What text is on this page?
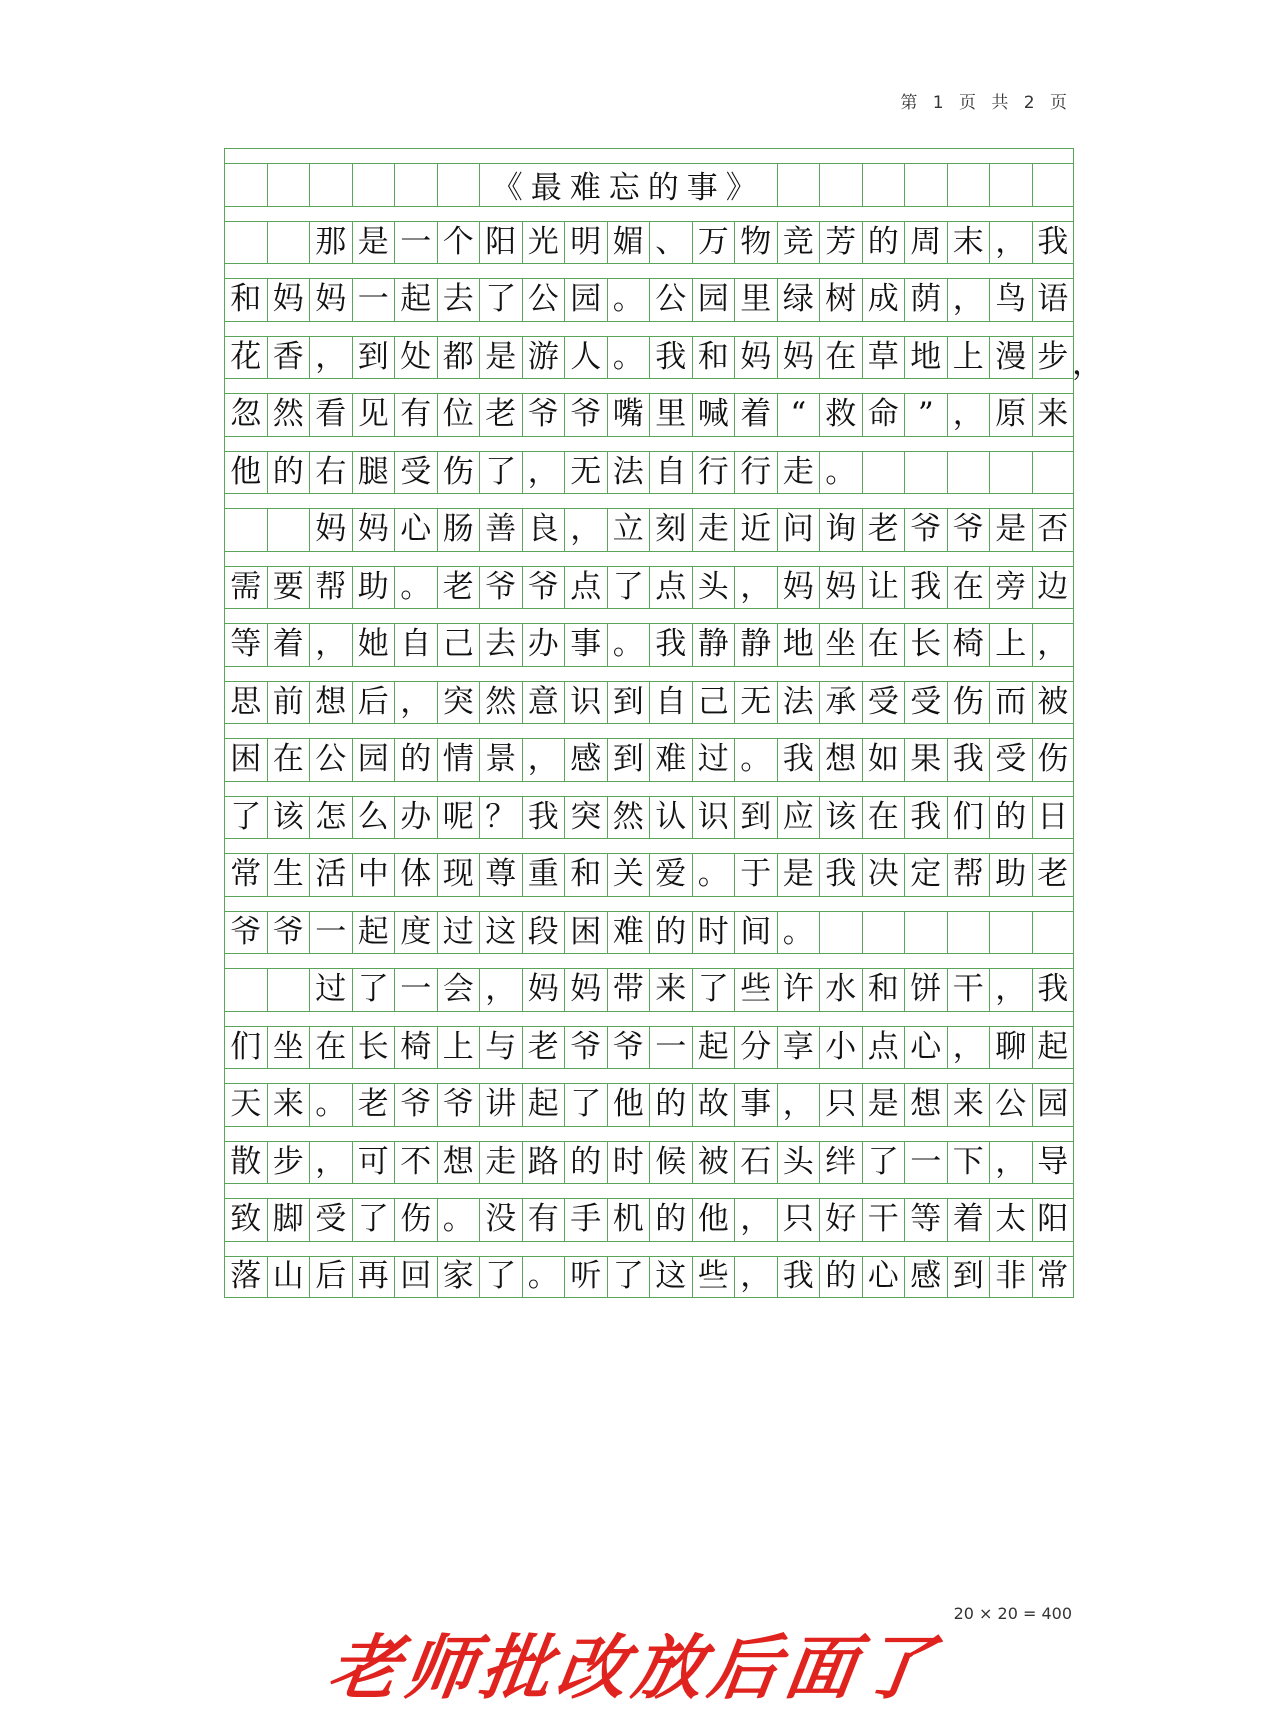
第 1 页 共 2 页
《最难忘的事》
那 是 一 个 阳 光 明 媚 、 万 物 竞 芳 的 周 末 ， 我
和 妈 妈 一 起 去 了 公 园 。 公 园 里 绿 树 成 荫 ， 鸟 语
花 香 ， 到 处 都 是 游 人 。 我 和 妈 妈 在 草 地 上 漫 步
忽 然 看 见 有 位 老 爷 爷 嘴 里 喊 着 “ 救 命 ” ， 原 来
他 的 右 腿 受 伤 了 ， 无 法 自 行 行 走 。
妈 妈 心 肠 善 良 ， 立 刻 走 近 问 询 老 爷 爷 是 否
需 要 帮 助 。 老 爷 爷 点 了 点 头 ， 妈 妈 让 我 在 旁 边
等 着 ， 她 自 己 去 办 事 。 我 静 静 地 坐 在 长 椅 上 ，
思 前 想 后 ， 突 然 意 识 到 自 己 无 法 承 受 受 伤 而 被
困 在 公 园 的 情 景 ， 感 到 难 过 。 我 想 如 果 我 受 伤
了 该 怎 么 办 呢 ？ 我 突 然 认 识 到 应 该 在 我 们 的 日
常 生 活 中 体 现 尊 重 和 关 爱 。 于 是 我 决 定 帮 助 老
爷 爷 一 起 度 过 这 段 困 难 的 时 间 。
过 了 一 会 ， 妈 妈 带 来 了 些 许 水 和 饼 干 ， 我
们 坐 在 长 椅 上 与 老 爷 爷 一 起 分 享 小 点 心 ， 聊 起
天 来 。 老 爷 爷 讲 起 了 他 的 故 事 ， 只 是 想 来 公 园
散 步 ， 可 不 想 走 路 的 时 候 被 石 头 绊 了 一 下 ， 导
致 脚 受 了 伤 。 没 有 手 机 的 他 ， 只 好 干 等 着 太 阳
落 山 后 再 回 家 了 。 听 了 这 些 ， 我 的 心 感 到 非 常
，
20 × 20 = 400
老师批改放后面了
